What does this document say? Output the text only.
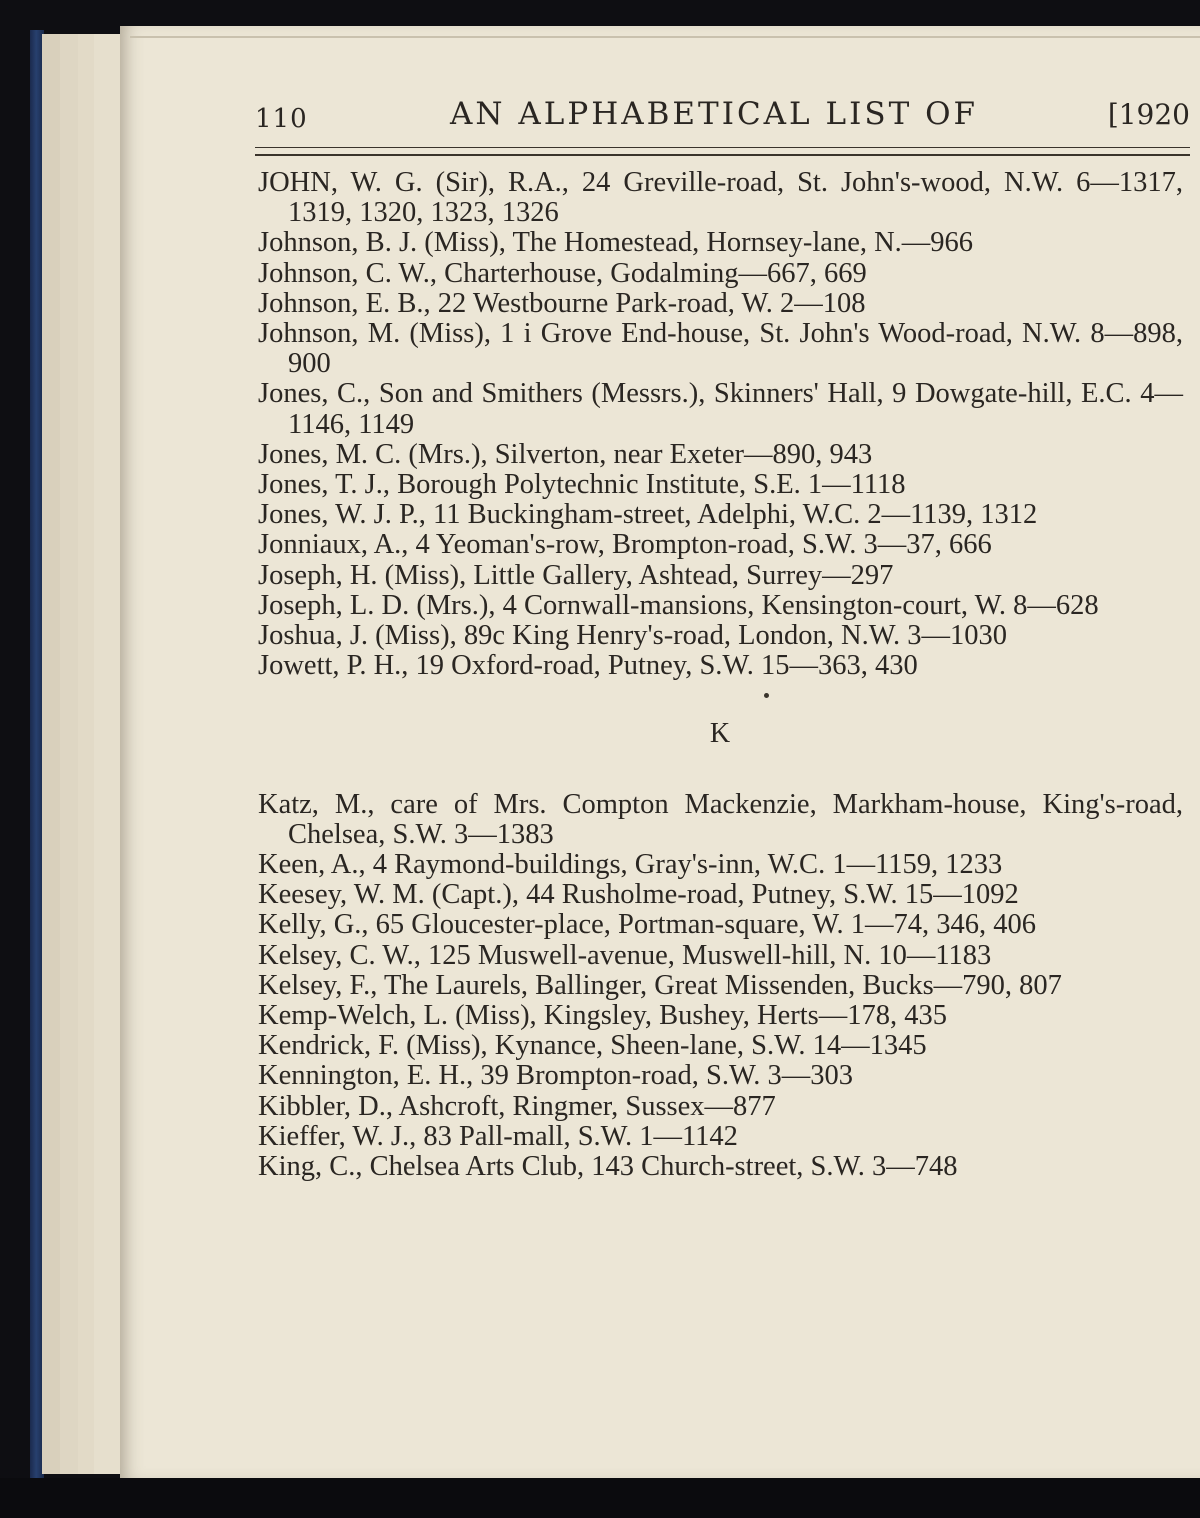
110	AN ALPHABETICAL LIST OF	[1920

JOHN, W. G. (Sir), R.A., 24 Greville-road, St. John's-wood, N.W. 6—1317, 1319, 1320, 1323, 1326

Johnson, B. J. (Miss), The Homestead, Hornsey-lane, N.—966

Johnson, C. W., Charterhouse, Godalming—667, 669

Johnson, E. B., 22 Westbourne Park-road, W. 2—108

Johnson, M. (Miss), 1 i Grove End-house, St. John's Wood-road, N.W. 8—898, 900

Jones, C., Son and Smithers (Messrs.), Skinners' Hall, 9 Dowgate-hill, E.C. 4—1146, 1149

Jones, M. C. (Mrs.), Silverton, near Exeter—890, 943

Jones, T. J., Borough Polytechnic Institute, S.E. 1—1118

Jones, W. J. P., 11 Buckingham-street, Adelphi, W.C. 2—1139, 1312

Jonniaux, A., 4 Yeoman's-row, Brompton-road, S.W. 3—37, 666

Joseph, H. (Miss), Little Gallery, Ashtead, Surrey—297

Joseph, L. D. (Mrs.), 4 Cornwall-mansions, Kensington-court, W. 8—628

Joshua, J. (Miss), 89c King Henry's-road, London, N.W. 3—1030

Jowett, P. H., 19 Oxford-road, Putney, S.W. 15—363, 430

K

Katz, M., care of Mrs. Compton Mackenzie, Markham-house, King's-road, Chelsea, S.W. 3—1383

Keen, A., 4 Raymond-buildings, Gray's-inn, W.C. 1—1159, 1233

Keesey, W. M. (Capt.), 44 Rusholme-road, Putney, S.W. 15—1092

Kelly, G., 65 Gloucester-place, Portman-square, W. 1—74, 346, 406

Kelsey, C. W., 125 Muswell-avenue, Muswell-hill, N. 10—1183

Kelsey, F., The Laurels, Ballinger, Great Missenden, Bucks—790, 807

Kemp-Welch, L. (Miss), Kingsley, Bushey, Herts—178, 435

Kendrick, F. (Miss), Kynance, Sheen-lane, S.W. 14—1345

Kennington, E. H., 39 Brompton-road, S.W. 3—303

Kibbler, D., Ashcroft, Ringmer, Sussex—877

Kieffer, W. J., 83 Pall-mall, S.W. 1—1142

King, C., Chelsea Arts Club, 143 Church-street, S.W. 3—748
